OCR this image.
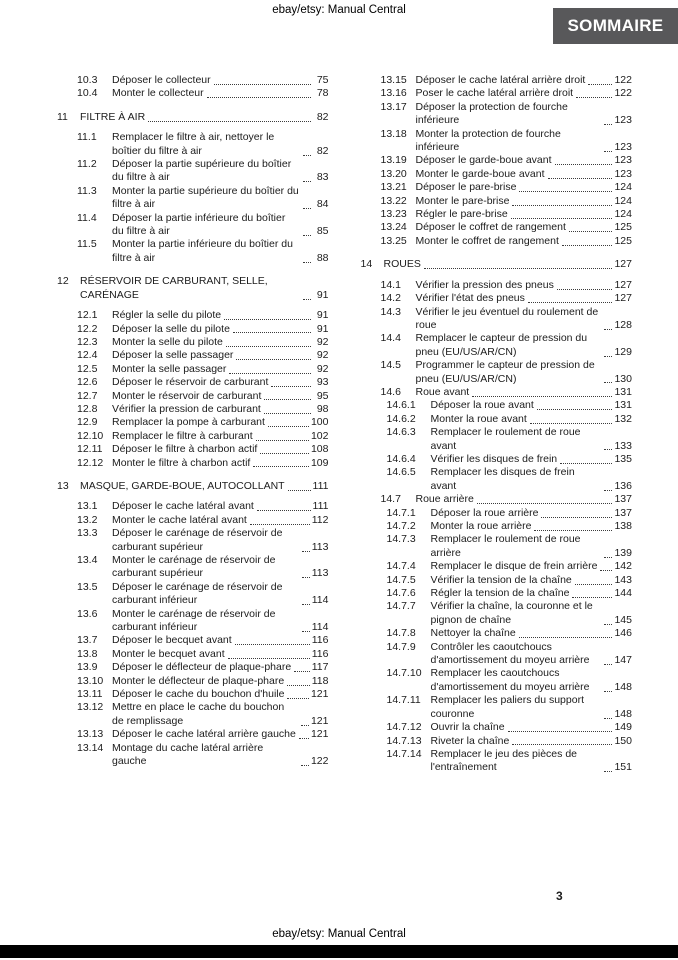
ebay/etsy: Manual Central
SOMMAIRE
10.3	Déposer le collecteur	75
10.4	Monter le collecteur	78
11	FILTRE À AIR	82
11.1	Remplacer le filtre à air, nettoyer le boîtier du filtre à air	82
11.2	Déposer la partie supérieure du boîtier du filtre à air	83
11.3	Monter la partie supérieure du boîtier du filtre à air	84
11.4	Déposer la partie inférieure du boîtier du filtre à air	85
11.5	Monter la partie inférieure du boîtier du filtre à air	88
12	RÉSERVOIR DE CARBURANT, SELLE, CARÉNAGE	91
12.1	Régler la selle du pilote	91
12.2	Déposer la selle du pilote	91
12.3	Monter la selle du pilote	92
12.4	Déposer la selle passager	92
12.5	Monter la selle passager	92
12.6	Déposer le réservoir de carburant	93
12.7	Monter le réservoir de carburant	95
12.8	Vérifier la pression de carburant	98
12.9	Remplacer la pompe à carburant	100
12.10 Remplacer le filtre à carburant	102
12.11 Déposer le filtre à charbon actif	108
12.12 Monter le filtre à charbon actif	109
13	MASQUE, GARDE-BOUE, AUTOCOLLANT	111
13.1	Déposer le cache latéral avant	111
13.2	Monter le cache latéral avant	112
13.3	Déposer le carénage de réservoir de carburant supérieur	113
13.4	Monter le carénage de réservoir de carburant supérieur	113
13.5	Déposer le carénage de réservoir de carburant inférieur	114
13.6	Monter le carénage de réservoir de carburant inférieur	114
13.7	Déposer le becquet avant	116
13.8	Monter le becquet avant	116
13.9	Déposer le déflecteur de plaque-phare 117
13.10 Monter le déflecteur de plaque-phare	118
13.11 Déposer le cache du bouchon d'huile	121
13.12 Mettre en place le cache du bouchon de remplissage	121
13.13 Déposer le cache latéral arrière gauche 121
13.14 Montage du cache latéral arrière gauche	122
13.15 Déposer le cache latéral arrière droit	122
13.16 Poser le cache latéral arrière droit	122
13.17 Déposer la protection de fourche inférieure	123
13.18 Monter la protection de fourche inférieure	123
13.19 Déposer le garde-boue avant	123
13.20 Monter le garde-boue avant	123
13.21 Déposer le pare-brise	124
13.22 Monter le pare-brise	124
13.23 Régler le pare-brise	124
13.24 Déposer le coffret de rangement	125
13.25 Monter le coffret de rangement	125
14	ROUES	127
14.1	Vérifier la pression des pneus	127
14.2	Vérifier l'état des pneus	127
14.3	Vérifier le jeu éventuel du roulement de roue	128
14.4	Remplacer le capteur de pression du pneu (EU/US/AR/CN)	129
14.5	Programmer le capteur de pression de pneu (EU/US/AR/CN)	130
14.6	Roue avant	131
14.6.1	Déposer la roue avant	131
14.6.2	Monter la roue avant	132
14.6.3	Remplacer le roulement de roue avant	133
14.6.4	Vérifier les disques de frein	135
14.6.5	Remplacer les disques de frein avant	136
14.7	Roue arrière	137
14.7.1	Déposer la roue arrière	137
14.7.2	Monter la roue arrière	138
14.7.3	Remplacer le roulement de roue arrière	139
14.7.4	Remplacer le disque de frein arrière 142
14.7.5	Vérifier la tension de la chaîne	143
14.7.6	Régler la tension de la chaîne	144
14.7.7	Vérifier la chaîne, la couronne et le pignon de chaîne	145
14.7.8	Nettoyer la chaîne	146
14.7.9	Contrôler les caoutchoucs d'amortissement du moyeu arrière	147
14.7.10 Remplacer les caoutchoucs d'amortissement du moyeu arrière	148
14.7.11 Remplacer les paliers du support couronne	148
14.7.12 Ouvrir la chaîne	149
14.7.13 Riveter la chaîne	150
14.7.14 Remplacer le jeu des pièces de l'entraînement	151
3
ebay/etsy: Manual Central
